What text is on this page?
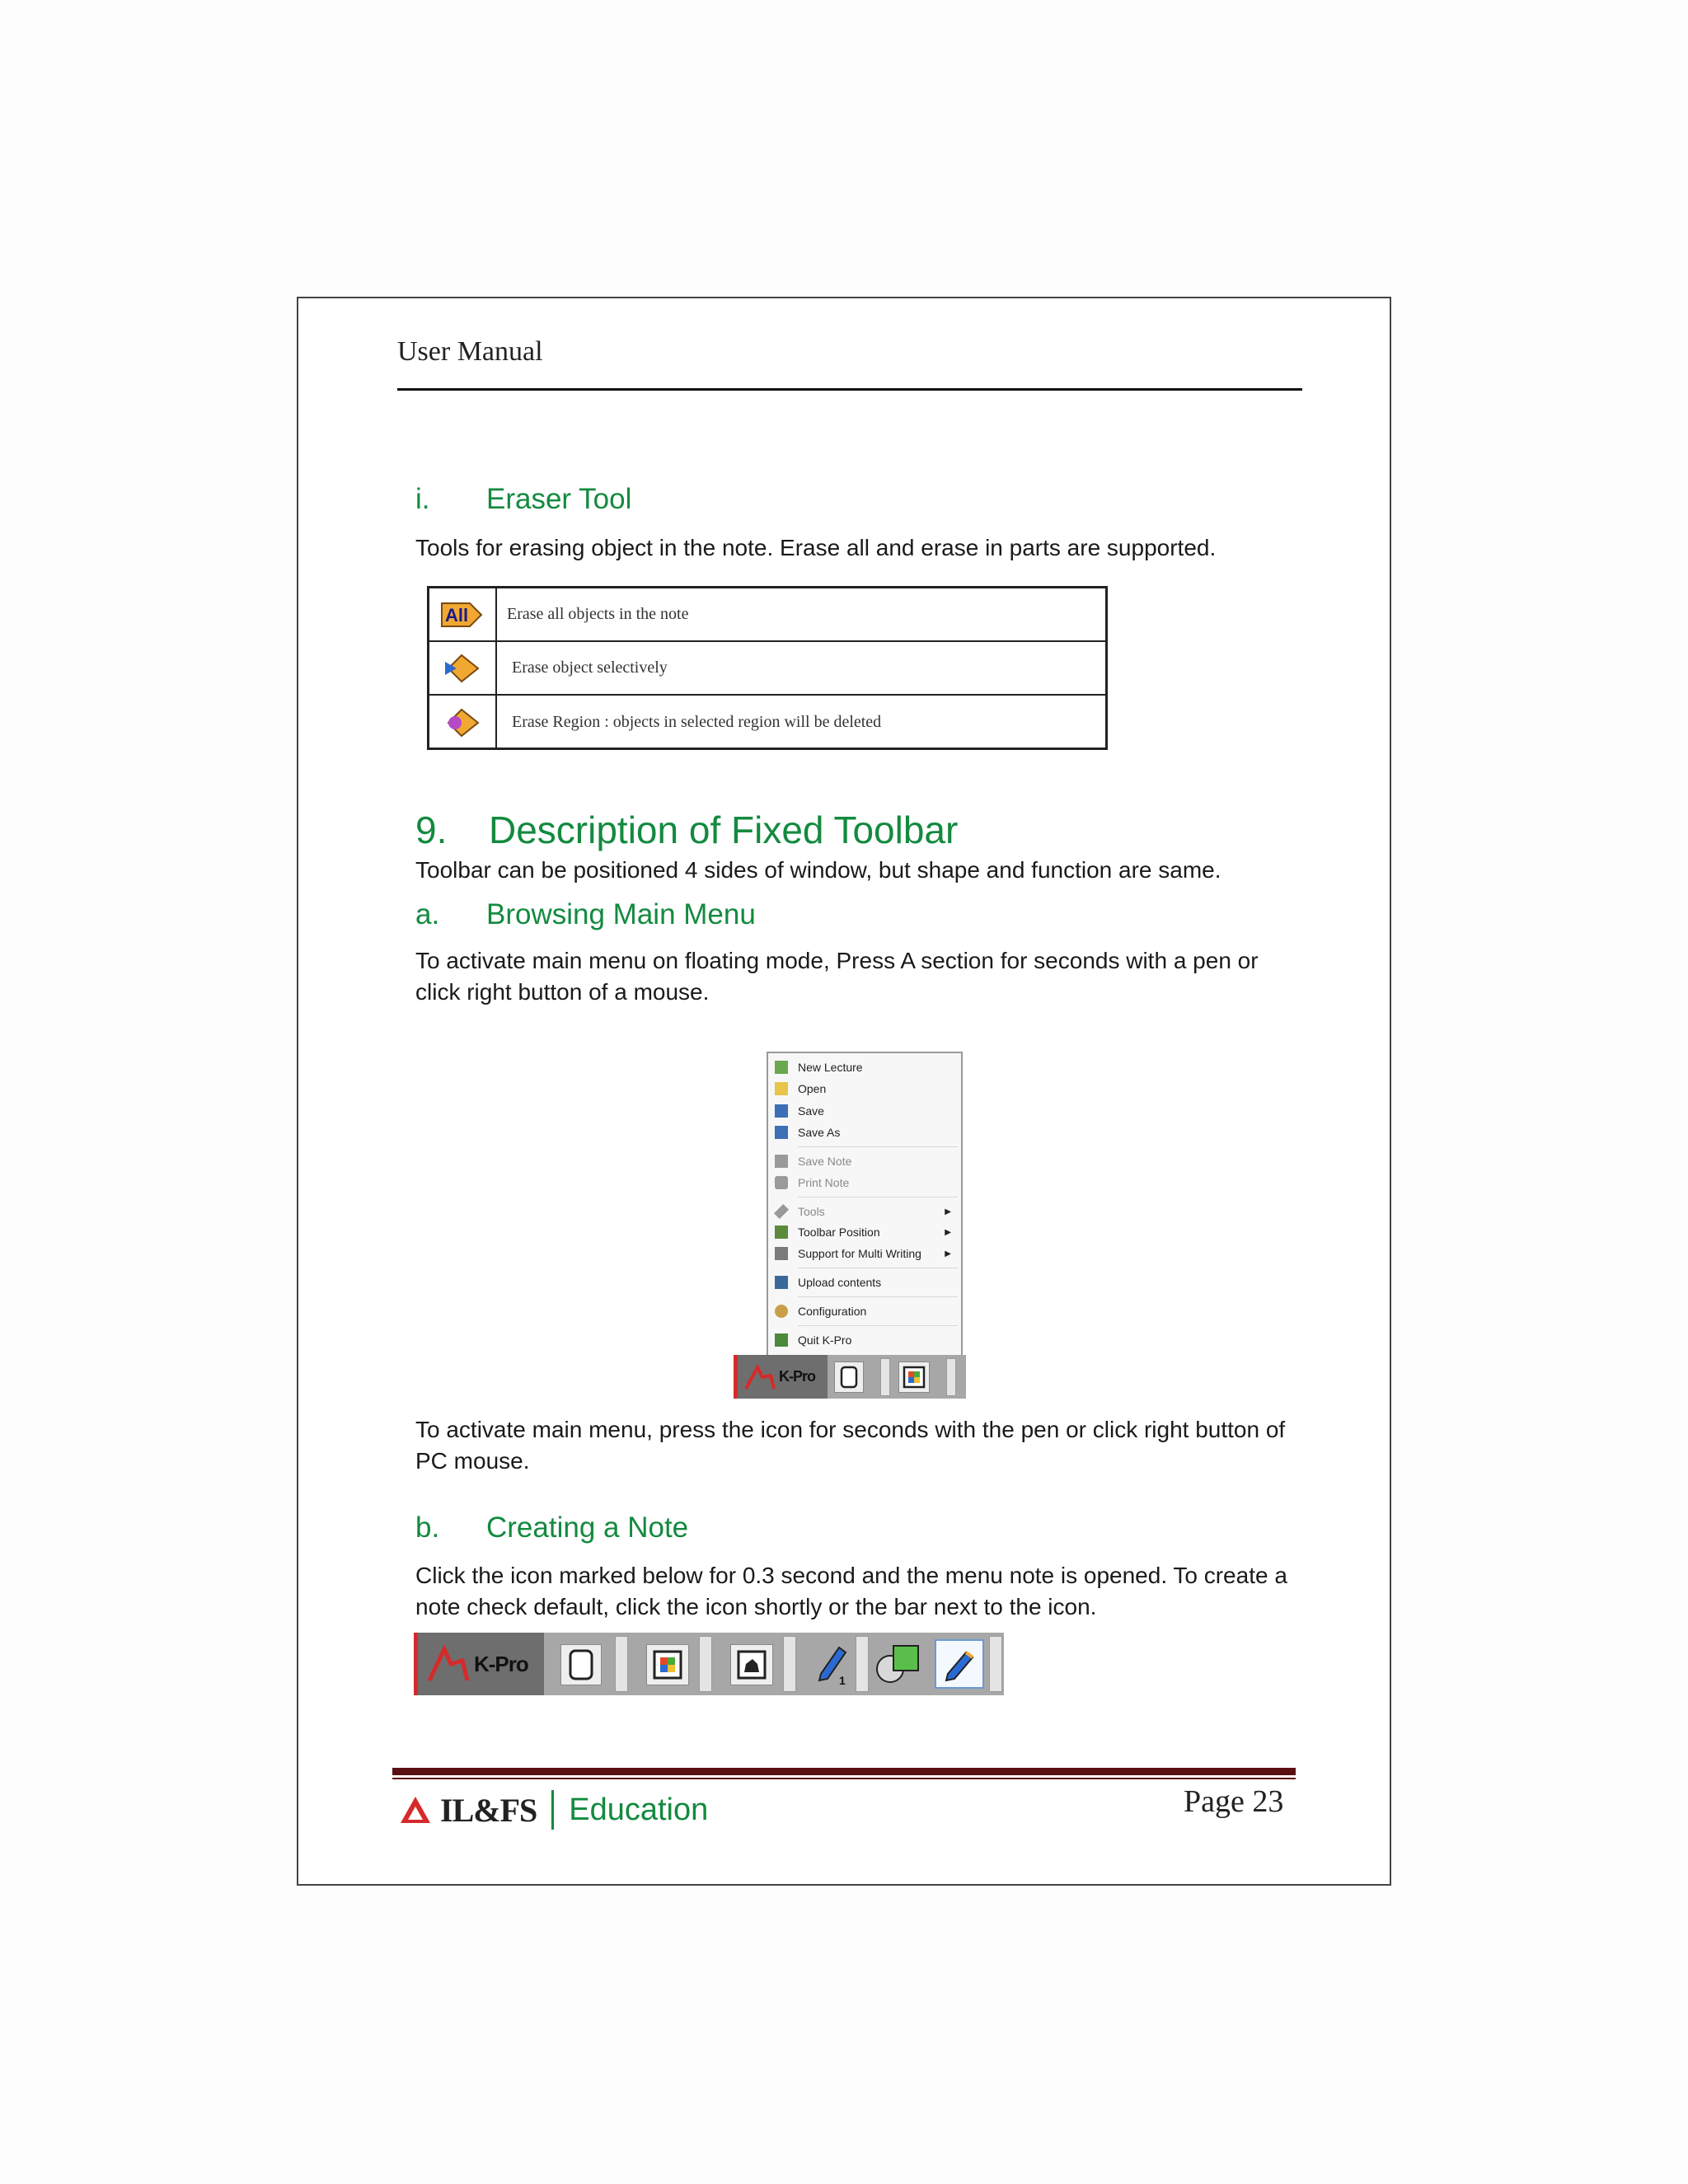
User Manual
i. Eraser Tool
Tools for erasing object in the note. Erase all and erase in parts are supported.
All Erase all objects in the note
Erase object selectively
Erase Region : objects in selected region will be deleted
9. Description of Fixed Toolbar
Toolbar can be positioned 4 sides of window, but shape and function are same.
a. Browsing Main Menu
To activate main menu on floating mode, Press A section for seconds with a pen or click right button of a mouse.
New Lecture
Open
Save
Save As
Save Note
Print Note
Tools	▶
Toolbar Position	▶
Support for Multi Writing	▶
Upload contents
Configuration
Quit K-Pro
K-Pro
To activate main menu, press the icon for seconds with the pen or click right button of PC mouse.
b. Creating a Note
Click the icon marked below for 0.3 second and the menu note is opened. To create a note check default, click the icon shortly or the bar next to the icon.
K-Pro
1
IL&FS Education	Page 23
